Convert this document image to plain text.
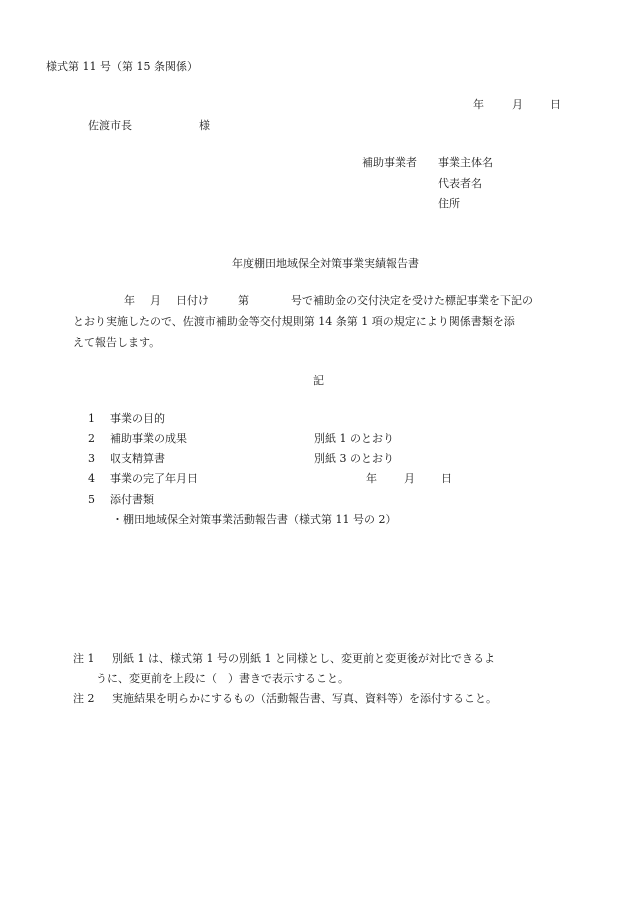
様式第 11 号（第 15 条関係）
年	月 日
佐渡市長	様
補助事業者 事業主体名
代表者名
住所
年度棚田地域保全対策事業実績報告書
年 月 日付け	第	号で補助金の交付決定を受けた標記事業を下記の
とおり実施したので、佐渡市補助金等交付規則第 14 条第 1 項の規定により関係書類を添
えて報告します。
記
1 事業の目的
2 補助事業の成果	別紙 1 のとおり
3 収支精算書	別紙 3 のとおり
4 事業の完了年月日	年 月 日
5 添付書類
・棚田地域保全対策事業活動報告書（様式第 11 号の 2）
注 1 別紙 1 は、様式第 1 号の別紙 1 と同様とし、変更前と変更後が対比できるよ
うに、変更前を上段に（　）書きで表示すること。
注 2 実施結果を明らかにするもの（活動報告書、写真、資料等）を添付すること。
